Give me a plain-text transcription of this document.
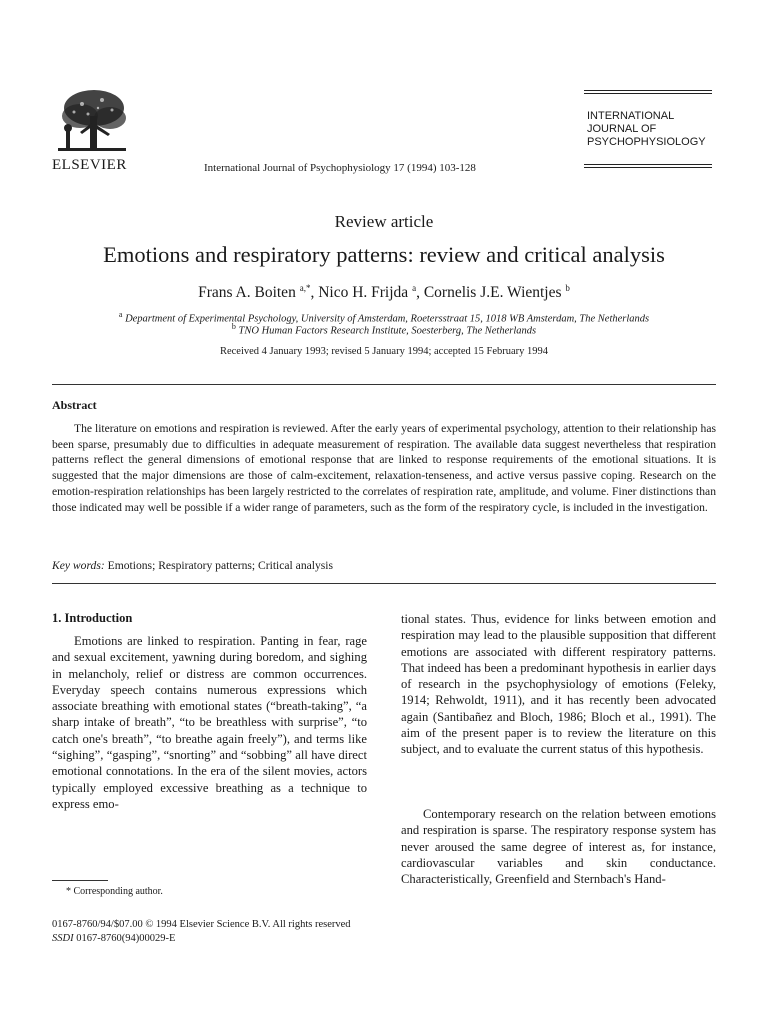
ELSEVIER	International Journal of Psychophysiology 17 (1994) 103-128
INTERNATIONAL
JOURNAL OF
PSYCHOPHYSIOLOGY
Review article
Emotions and respiratory patterns: review and critical analysis
Frans A. Boiten $^{a,*}$, Nico H. Frijda $^a$, Cornelis J.E. Wientjes $^b$
$^a$ Department of Experimental Psychology, University of Amsterdam, Roetersstraat 15, 1018 WB Amsterdam, The Netherlands
$^b$ TNO Human Factors Research Institute, Soesterberg, The Netherlands
Received 4 January 1993; revised 5 January 1994; accepted 15 February 1994
Abstract
The literature on emotions and respiration is reviewed. After the early years of experimental psychology, attention to their relationship has been sparse, presumably due to difficulties in adequate measurement of respiration. The available data suggest nevertheless that respiration patterns reflect the general dimensions of emotional response that are linked to response requirements of the emotional situations. It is suggested that the major dimensions are those of calm-excitement, relaxation-tenseness, and active versus passive coping. Research on the emotion-respiration relationships has been largely restricted to the correlates of respiration rate, amplitude, and volume. Finer distinctions than those indicated may well be possible if a wider range of parameters, such as the form of the respiratory cycle, is included in the investigation.
Key words: Emotions; Respiratory patterns; Critical analysis
1. Introduction
Emotions are linked to respiration. Panting in fear, rage and sexual excitement, yawning during boredom, and sighing in melancholy, relief or distress are common occurrences. Everyday speech contains numerous expressions which associate breathing with emotional states (“breath-taking”, “a sharp intake of breath”, “to be breathless with surprise”, “to catch one's breath”, “to breathe again freely”), and terms like “sighing”, “gasping”, “snorting” and “sobbing” all have direct emotional connotations. In the era of the silent movies, actors typically employed excessive breathing as a technique to express emo-
tional states. Thus, evidence for links between emotion and respiration may lead to the plausible supposition that different emotions are associated with different respiratory patterns. That indeed has been a predominant hypothesis in earlier days of research in the psychophysiology of emotions (Feleky, 1914; Rehwoldt, 1911), and it has recently been advocated again (Santibañez and Bloch, 1986; Bloch et al., 1991). The aim of the present paper is to review the literature on this subject, and to evaluate the current status of this hypothesis.
Contemporary research on the relation between emotions and respiration is sparse. The respiratory response system has never aroused the same degree of interest as, for instance, cardiovascular variables and skin conductance. Characteristically, Greenfield and Sternbach's Hand-
* Corresponding author.
0167-8760/94/$07.00 © 1994 Elsevier Science B.V. All rights reserved
SSDI 0167-8760(94)00029-E
